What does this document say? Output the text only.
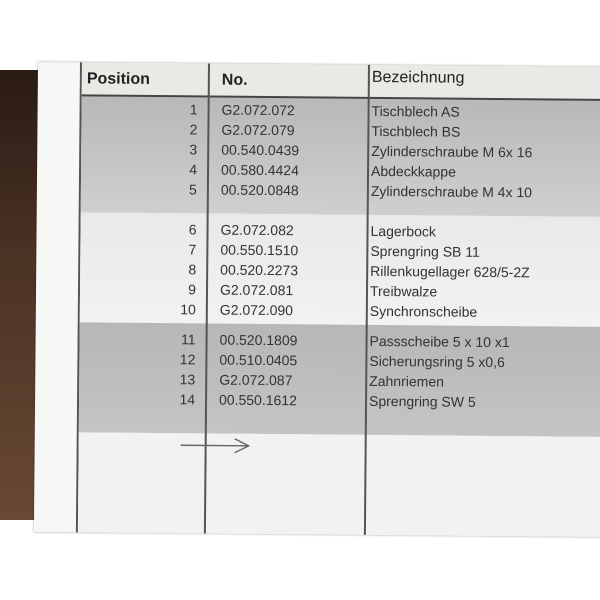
Position	No.	Bezeichnung
1 G2.072.072	Tischblech AS
2 G2.072.079	Tischblech BS
3 00.540.0439	Zylinderschraube M 6x 16
4 00.580.4424	Abdeckkappe
5 00.520.0848	Zylinderschraube M 4x 10
6 G2.072.082	Lagerbock
7 00.550.1510	Sprengring SB 11
8 00.520.2273	Rillenkugellager 628/5-2Z
9 G2.072.081	Treibwalze
10 G2.072.090	Synchronscheibe
11 00.520.1809	Passscheibe 5 x 10 x1
12 00.510.0405	Sicherungsring 5 x0,6
13 G2.072.087	Zahnriemen
14 00.550.1612	Sprengring SW 5
